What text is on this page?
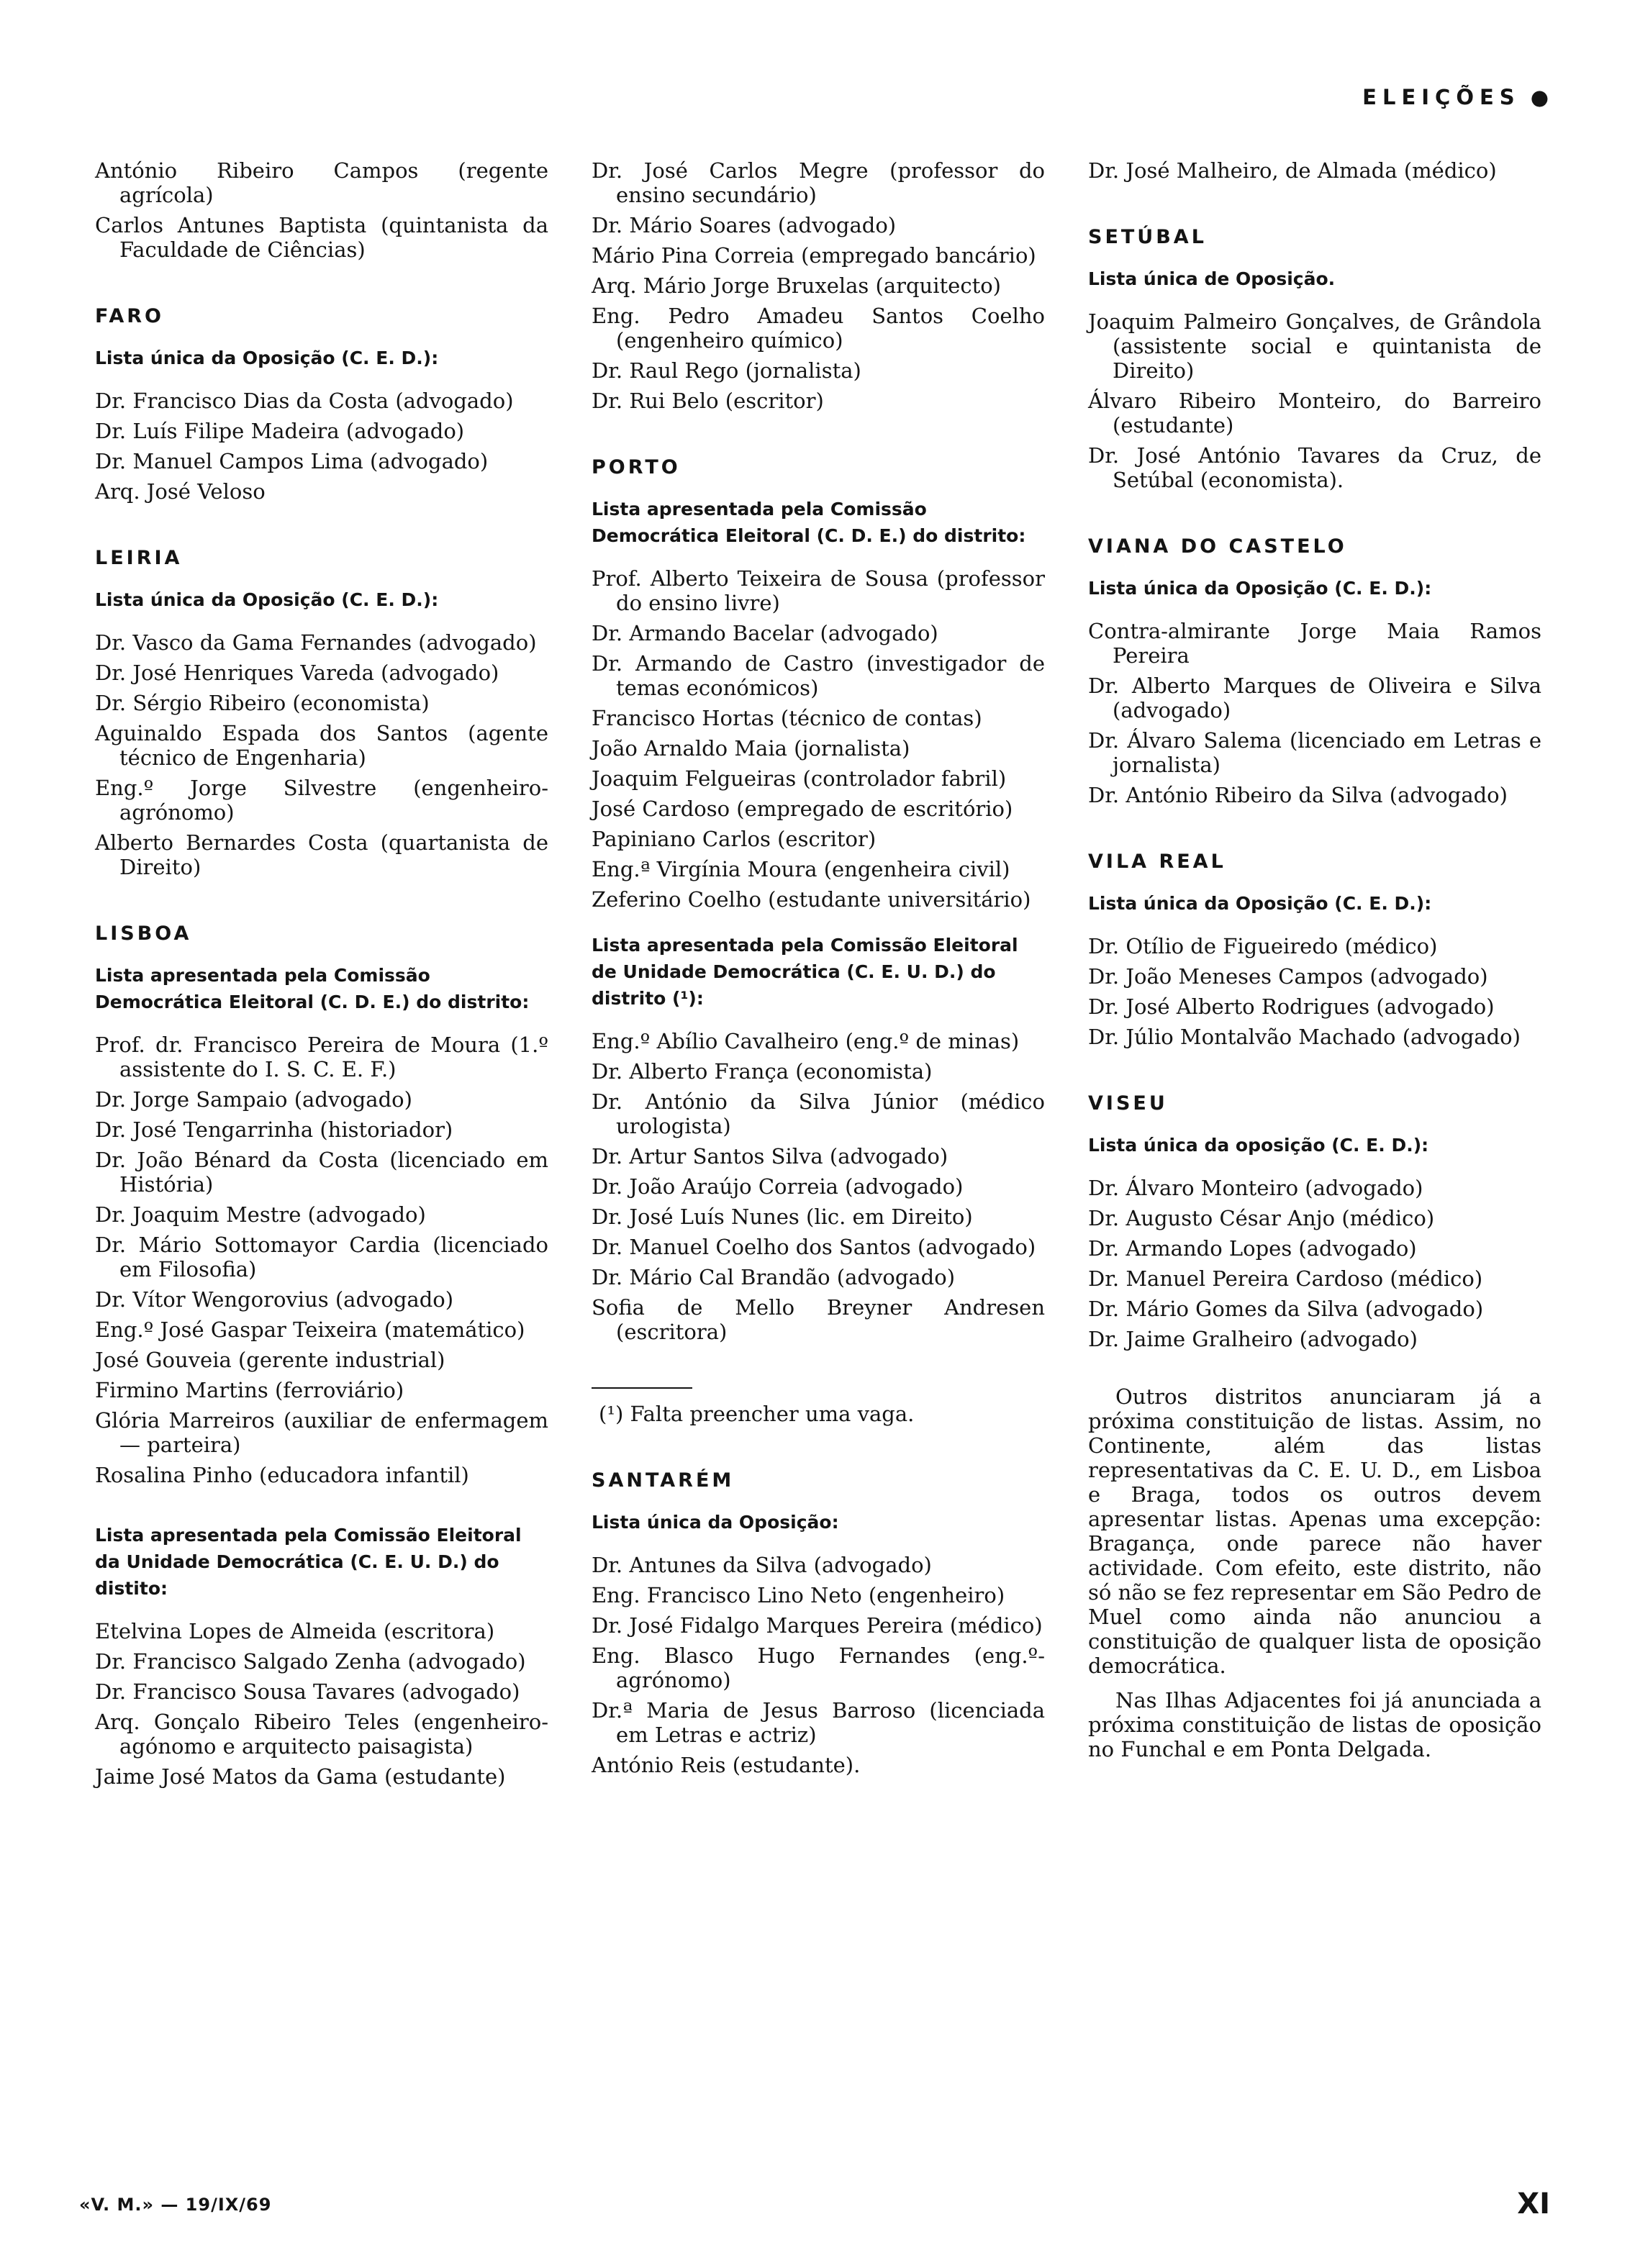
ELEIÇÕES ●
António Ribeiro Campos (regente agrícola)
Carlos Antunes Baptista (quintanista da Faculdade de Ciências)
FARO
Lista única da Oposição (C. E. D.):
Dr. Francisco Dias da Costa (advogado)
Dr. Luís Filipe Madeira (advogado)
Dr. Manuel Campos Lima (advogado)
Arq. José Veloso
LEIRIA
Lista única da Oposição (C. E. D.):
Dr. Vasco da Gama Fernandes (advogado)
Dr. José Henriques Vareda (advogado)
Dr. Sérgio Ribeiro (economista)
Aguinaldo Espada dos Santos (agente técnico de Engenharia)
Eng.º Jorge Silvestre (engenheiro-agrónomo)
Alberto Bernardes Costa (quartanista de Direito)
LISBOA
Lista apresentada pela Comissão Democrática Eleitoral (C. D. E.) do distrito:
Prof. dr. Francisco Pereira de Moura (1.º assistente do I. S. C. E. F.)
Dr. Jorge Sampaio (advogado)
Dr. José Tengarrinha (historiador)
Dr. João Bénard da Costa (licenciado em História)
Dr. Joaquim Mestre (advogado)
Dr. Mário Sottomayor Cardia (licenciado em Filosofia)
Dr. Vítor Wengorovius (advogado)
Eng.º José Gaspar Teixeira (matemático)
José Gouveia (gerente industrial)
Firmino Martins (ferroviário)
Glória Marreiros (auxiliar de enfermagem — parteira)
Rosalina Pinho (educadora infantil)
Lista apresentada pela Comissão Eleitoral da Unidade Democrática (C. E. U. D.) do distito:
Etelvina Lopes de Almeida (escritora)
Dr. Francisco Salgado Zenha (advogado)
Dr. Francisco Sousa Tavares (advogado)
Arq. Gonçalo Ribeiro Teles (engenheiro-agónomo e arquitecto paisagista)
Jaime José Matos da Gama (estudante)
Dr. José Carlos Megre (professor do ensino secundário)
Dr. Mário Soares (advogado)
Mário Pina Correia (empregado bancário)
Arq. Mário Jorge Bruxelas (arquitecto)
Eng. Pedro Amadeu Santos Coelho (engenheiro químico)
Dr. Raul Rego (jornalista)
Dr. Rui Belo (escritor)
PORTO
Lista apresentada pela Comissão Democrática Eleitoral (C. D. E.) do distrito:
Prof. Alberto Teixeira de Sousa (professor do ensino livre)
Dr. Armando Bacelar (advogado)
Dr. Armando de Castro (investigador de temas económicos)
Francisco Hortas (técnico de contas)
João Arnaldo Maia (jornalista)
Joaquim Felgueiras (controlador fabril)
José Cardoso (empregado de escritório)
Papiniano Carlos (escritor)
Eng.ª Virgínia Moura (engenheira civil)
Zeferino Coelho (estudante universitário)
Lista apresentada pela Comissão Eleitoral de Unidade Democrática (C. E. U. D.) do distrito (¹):
Eng.º Abílio Cavalheiro (eng.º de minas)
Dr. Alberto França (economista)
Dr. António da Silva Júnior (médico urologista)
Dr. Artur Santos Silva (advogado)
Dr. João Araújo Correia (advogado)
Dr. José Luís Nunes (lic. em Direito)
Dr. Manuel Coelho dos Santos (advogado)
Dr. Mário Cal Brandão (advogado)
Sofia de Mello Breyner Andresen (escritora)
(¹) Falta preencher uma vaga.
SANTARÉM
Lista única da Oposição:
Dr. Antunes da Silva (advogado)
Eng. Francisco Lino Neto (engenheiro)
Dr. José Fidalgo Marques Pereira (médico)
Eng. Blasco Hugo Fernandes (eng.º-agrónomo)
Dr.ª Maria de Jesus Barroso (licenciada em Letras e actriz)
António Reis (estudante).
Dr. José Malheiro, de Almada (médico)
SETÚBAL
Lista única de Oposição.
Joaquim Palmeiro Gonçalves, de Grândola (assistente social e quintanista de Direito)
Álvaro Ribeiro Monteiro, do Barreiro (estudante)
Dr. José António Tavares da Cruz, de Setúbal (economista).
VIANA DO CASTELO
Lista única da Oposição (C. E. D.):
Contra-almirante Jorge Maia Ramos Pereira
Dr. Alberto Marques de Oliveira e Silva (advogado)
Dr. Álvaro Salema (licenciado em Letras e jornalista)
Dr. António Ribeiro da Silva (advogado)
VILA REAL
Lista única da Oposição (C. E. D.):
Dr. Otílio de Figueiredo (médico)
Dr. João Meneses Campos (advogado)
Dr. José Alberto Rodrigues (advogado)
Dr. Júlio Montalvão Machado (advogado)
VISEU
Lista única da oposição (C. E. D.):
Dr. Álvaro Monteiro (advogado)
Dr. Augusto César Anjo (médico)
Dr. Armando Lopes (advogado)
Dr. Manuel Pereira Cardoso (médico)
Dr. Mário Gomes da Silva (advogado)
Dr. Jaime Gralheiro (advogado)

Outros distritos anunciaram já a próxima constituição de listas. Assim, no Continente, além das listas representativas da C. E. U. D., em Lisboa e Braga, todos os outros devem apresentar listas. Apenas uma excepção: Bragança, onde parece não haver actividade. Com efeito, este distrito, não só não se fez representar em São Pedro de Muel como ainda não anunciou a constituição de qualquer lista de oposição democrática.

Nas Ilhas Adjacentes foi já anunciada a próxima constituição de listas de oposição no Funchal e em Ponta Delgada.

«V. M.» — 19/IX/69	XI
